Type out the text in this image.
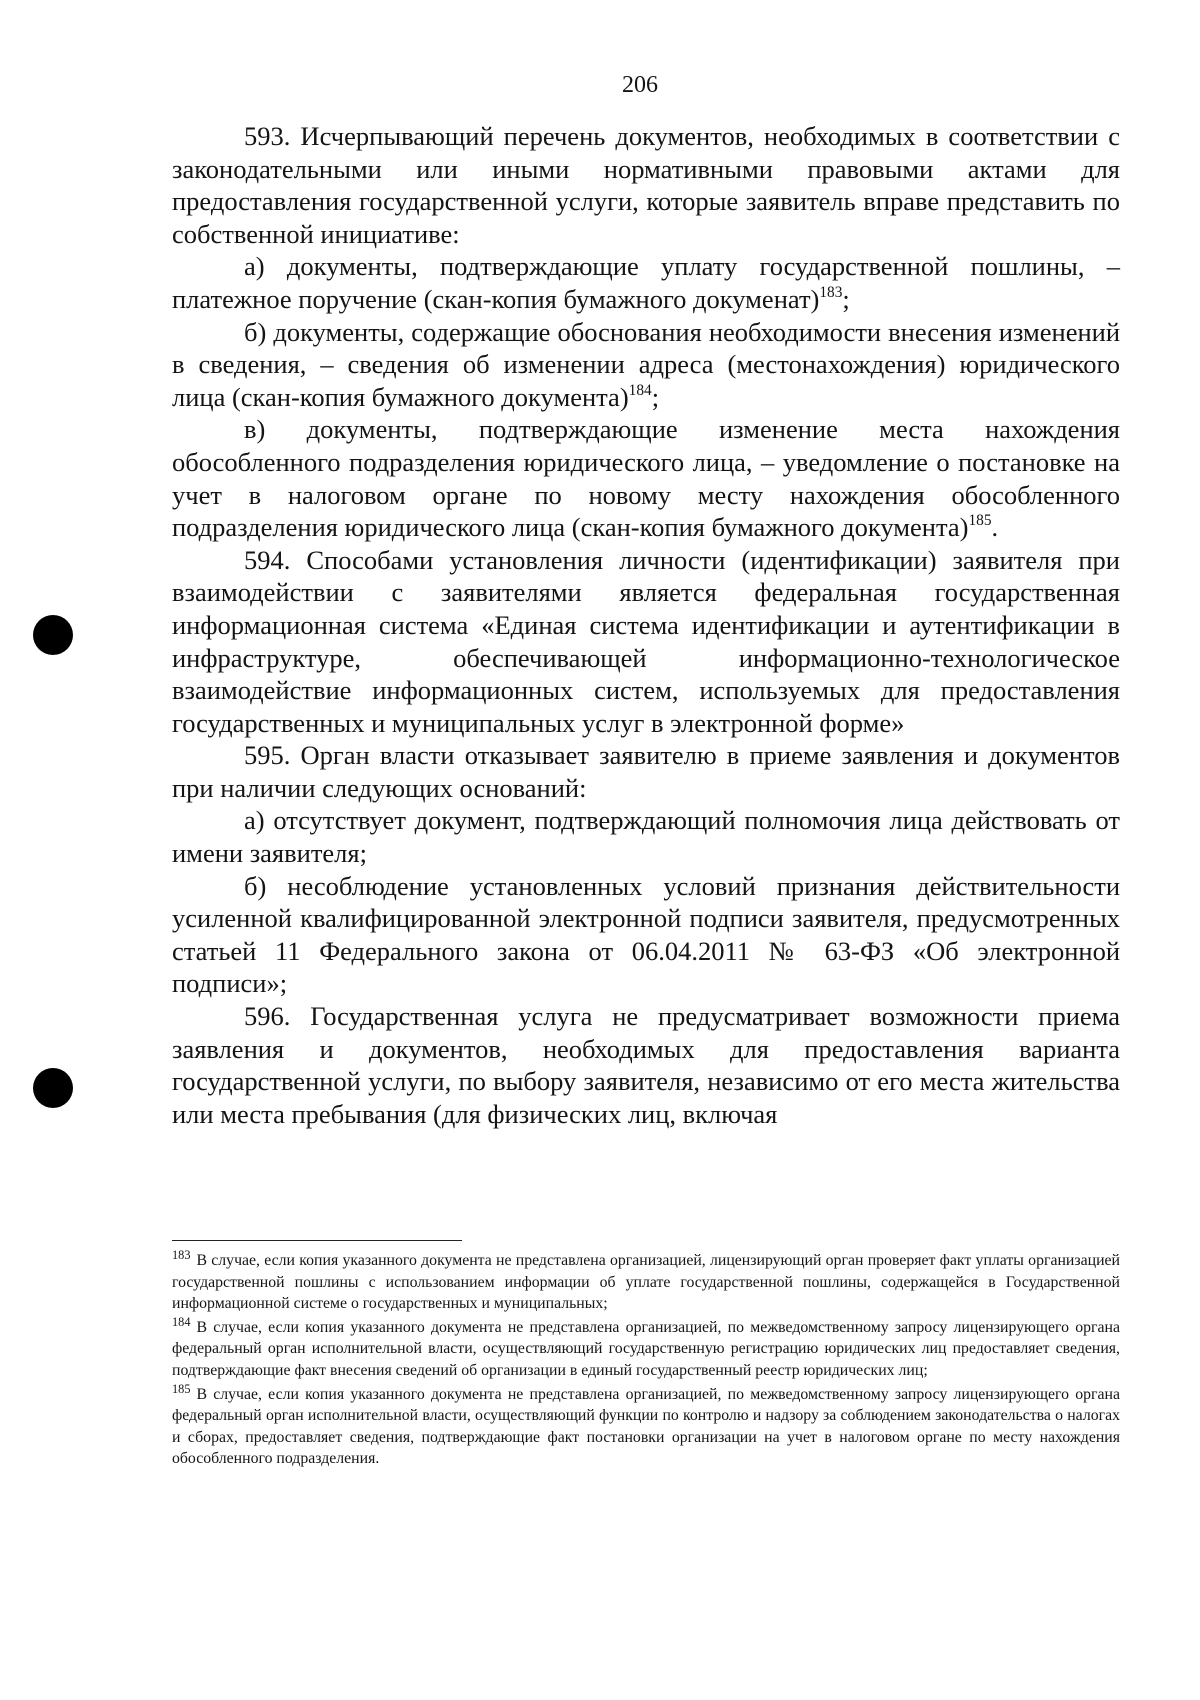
206

593. Исчерпывающий перечень документов, необходимых в соответствии с законодательными или иными нормативными правовыми актами для предоставления государственной услуги, которые заявитель вправе представить по собственной инициативе:

а) документы, подтверждающие уплату государственной пошлины, – платежное поручение (скан-копия бумажного докуменат)$^{183}$;

б) документы, содержащие обоснования необходимости внесения изменений в сведения, – сведения об изменении адреса (местонахождения) юридического лица (скан-копия бумажного документа)$^{184}$;

в) документы, подтверждающие изменение места нахождения обособленного подразделения юридического лица, – уведомление о постановке на учет в налоговом органе по новому месту нахождения обособленного подразделения юридического лица (скан-копия бумажного документа)$^{185}$.

594. Способами установления личности (идентификации) заявителя при взаимодействии с заявителями является федеральная государственная информационная система «Единая система идентификации и аутентификации в инфраструктуре, обеспечивающей информационно-технологическое взаимодействие информационных систем, используемых для предоставления государственных и муниципальных услуг в электронной форме»

595. Орган власти отказывает заявителю в приеме заявления и документов при наличии следующих оснований:

а) отсутствует документ, подтверждающий полномочия лица действовать от имени заявителя;

б) несоблюдение установленных условий признания действительности усиленной квалифицированной электронной подписи заявителя, предусмотренных статьей 11 Федерального закона от 06.04.2011 № 63-ФЗ «Об электронной подписи»;

596. Государственная услуга не предусматривает возможности приема заявления и документов, необходимых для предоставления варианта государственной услуги, по выбору заявителя, независимо от его места жительства или места пребывания (для физических лиц, включая

$^{183}$ В случае, если копия указанного документа не представлена организацией, лицензирующий орган проверяет факт уплаты организацией государственной пошлины с использованием информации об уплате государственной пошлины, содержащейся в Государственной информационной системе о государственных и муниципальных;

$^{184}$ В случае, если копия указанного документа не представлена организацией, по межведомственному запросу лицензирующего органа федеральный орган исполнительной власти, осуществляющий государственную регистрацию юридических лиц предоставляет сведения, подтверждающие факт внесения сведений об организации в единый государственный реестр юридических лиц;

$^{185}$ В случае, если копия указанного документа не представлена организацией, по межведомственному запросу лицензирующего органа федеральный орган исполнительной власти, осуществляющий функции по контролю и надзору за соблюдением законодательства о налогах и сборах, предоставляет сведения, подтверждающие факт постановки организации на учет в налоговом органе по месту нахождения обособленного подразделения.
